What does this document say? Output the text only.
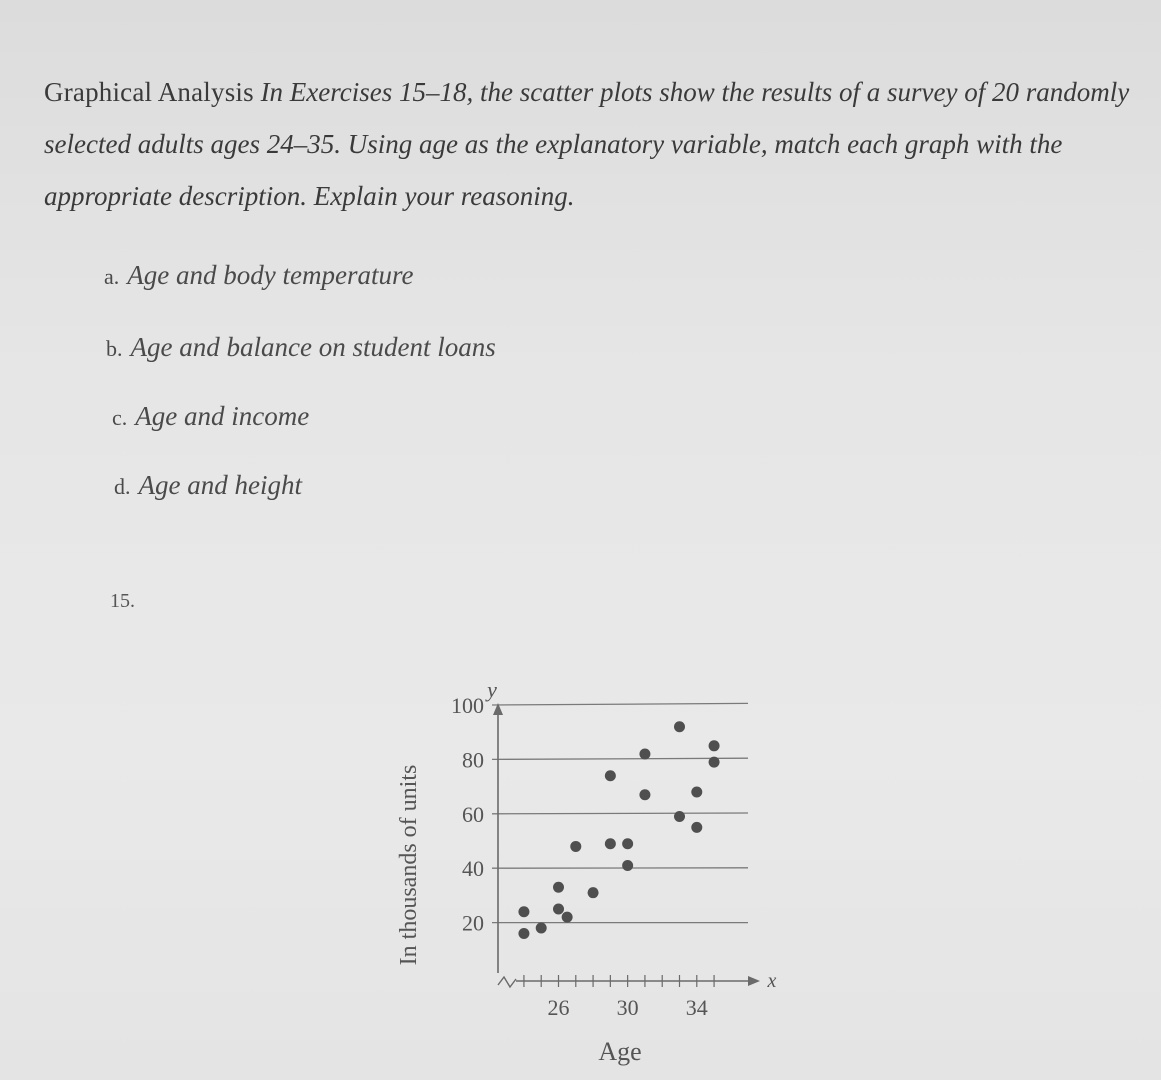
Graphical Analysis In Exercises 15–18, the scatter plots show the results of a survey of 20 randomly selected adults ages 24–35. Using age as the explanatory variable, match each graph with the appropriate description. Explain your reasoning.
a. Age and body temperature
b. Age and balance on student loans
c. Age and income
d. Age and height
15.
In thousands of units
y
x
Age
20
40
60
80
100
26 30 34
